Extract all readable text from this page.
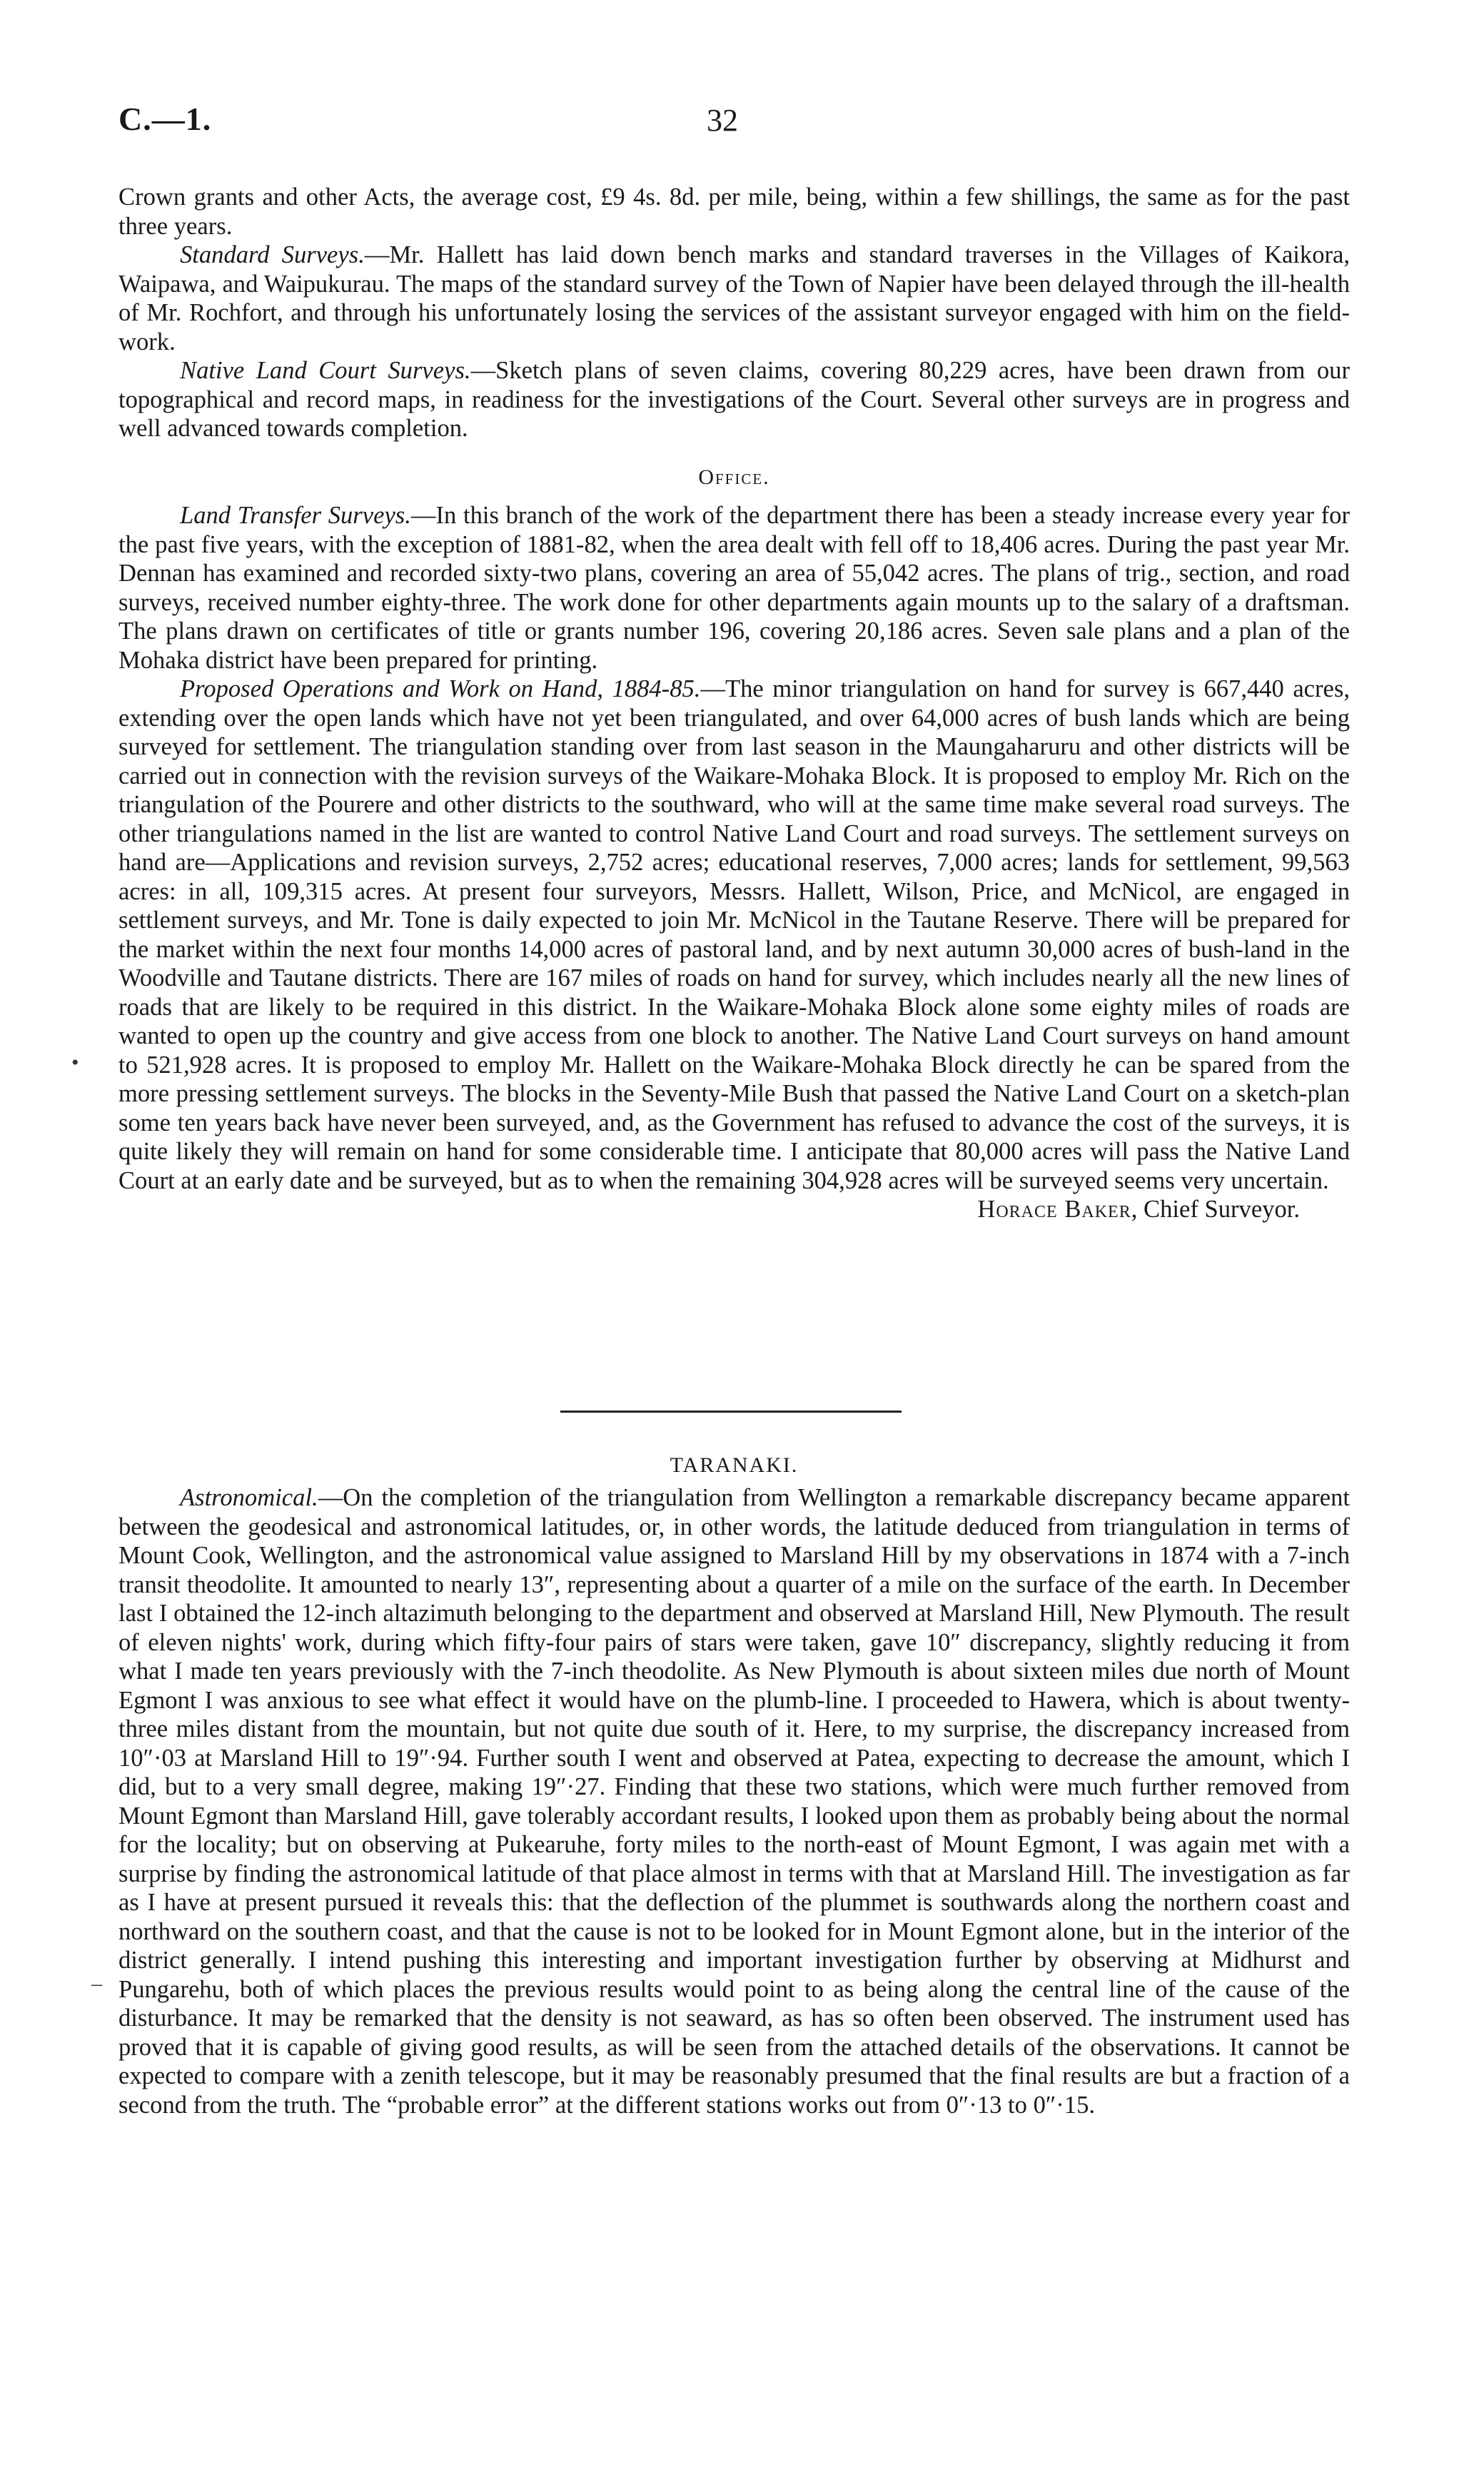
C.—1.	32

Crown grants and other Acts, the average cost, £9 4s. 8d. per mile, being, within a few shillings, the same as for the past three years.

Standard Surveys.—Mr. Hallett has laid down bench marks and standard traverses in the Villages of Kaikora, Waipawa, and Waipukurau. The maps of the standard survey of the Town of Napier have been delayed through the ill-health of Mr. Rochfort, and through his unfortunately losing the services of the assistant surveyor engaged with him on the field-work.

Native Land Court Surveys.—Sketch plans of seven claims, covering 80,229 acres, have been drawn from our topographical and record maps, in readiness for the investigations of the Court. Several other surveys are in progress and well advanced towards completion.

Office.

Land Transfer Surveys.—In this branch of the work of the department there has been a steady increase every year for the past five years, with the exception of 1881-82, when the area dealt with fell off to 18,406 acres. During the past year Mr. Dennan has examined and recorded sixty-two plans, covering an area of 55,042 acres. The plans of trig., section, and road surveys, received number eighty-three. The work done for other departments again mounts up to the salary of a draftsman. The plans drawn on certificates of title or grants number 196, covering 20,186 acres. Seven sale plans and a plan of the Mohaka district have been prepared for printing.

Proposed Operations and Work on Hand, 1884-85.—The minor triangulation on hand for survey is 667,440 acres, extending over the open lands which have not yet been triangulated, and over 64,000 acres of bush lands which are being surveyed for settlement. The triangulation standing over from last season in the Maungaharuru and other districts will be carried out in connection with the revision surveys of the Waikare-Mohaka Block. It is proposed to employ Mr. Rich on the triangulation of the Pourere and other districts to the southward, who will at the same time make several road surveys. The other triangulations named in the list are wanted to control Native Land Court and road surveys. The settlement surveys on hand are—Applications and revision surveys, 2,752 acres; educational reserves, 7,000 acres; lands for settlement, 99,563 acres: in all, 109,315 acres. At present four surveyors, Messrs. Hallett, Wilson, Price, and McNicol, are engaged in settlement surveys, and Mr. Tone is daily expected to join Mr. McNicol in the Tautane Reserve. There will be prepared for the market within the next four months 14,000 acres of pastoral land, and by next autumn 30,000 acres of bush-land in the Woodville and Tautane districts. There are 167 miles of roads on hand for survey, which includes nearly all the new lines of roads that are likely to be required in this district. In the Waikare-Mohaka Block alone some eighty miles of roads are wanted to open up the country and give access from one block to another. The Native Land Court surveys on hand amount to 521,928 acres. It is proposed to employ Mr. Hallett on the Waikare-Mohaka Block directly he can be spared from the more pressing settlement surveys. The blocks in the Seventy-Mile Bush that passed the Native Land Court on a sketch-plan some ten years back have never been surveyed, and, as the Government has refused to advance the cost of the surveys, it is quite likely they will remain on hand for some considerable time. I anticipate that 80,000 acres will pass the Native Land Court at an early date and be surveyed, but as to when the remaining 304,928 acres will be surveyed seems very uncertain.

Horace Baker, Chief Surveyor.

TARANAKI.

Astronomical.—On the completion of the triangulation from Wellington a remarkable discrepancy became apparent between the geodesical and astronomical latitudes, or, in other words, the latitude deduced from triangulation in terms of Mount Cook, Wellington, and the astronomical value assigned to Marsland Hill by my observations in 1874 with a 7-inch transit theodolite. It amounted to nearly 13″, representing about a quarter of a mile on the surface of the earth. In December last I obtained the 12-inch altazimuth belonging to the department and observed at Marsland Hill, New Plymouth. The result of eleven nights' work, during which fifty-four pairs of stars were taken, gave 10″ discrepancy, slightly reducing it from what I made ten years previously with the 7-inch theodolite. As New Plymouth is about sixteen miles due north of Mount Egmont I was anxious to see what effect it would have on the plumb-line. I proceeded to Hawera, which is about twenty-three miles distant from the mountain, but not quite due south of it. Here, to my surprise, the discrepancy increased from 10″·03 at Marsland Hill to 19″·94. Further south I went and observed at Patea, expecting to decrease the amount, which I did, but to a very small degree, making 19″·27. Finding that these two stations, which were much further removed from Mount Egmont than Marsland Hill, gave tolerably accordant results, I looked upon them as probably being about the normal for the locality; but on observing at Pukearuhe, forty miles to the north-east of Mount Egmont, I was again met with a surprise by finding the astronomical latitude of that place almost in terms with that at Marsland Hill. The investigation as far as I have at present pursued it reveals this: that the deflection of the plummet is southwards along the northern coast and northward on the southern coast, and that the cause is not to be looked for in Mount Egmont alone, but in the interior of the district generally. I intend pushing this interesting and important investigation further by observing at Midhurst and Pungarehu, both of which places the previous results would point to as being along the central line of the cause of the disturbance. It may be remarked that the density is not seaward, as has so often been observed. The instrument used has proved that it is capable of giving good results, as will be seen from the attached details of the observations. It cannot be expected to compare with a zenith telescope, but it may be reasonably presumed that the final results are but a fraction of a second from the truth. The “probable error” at the different stations works out from 0″·13 to 0″·15.

•
–
